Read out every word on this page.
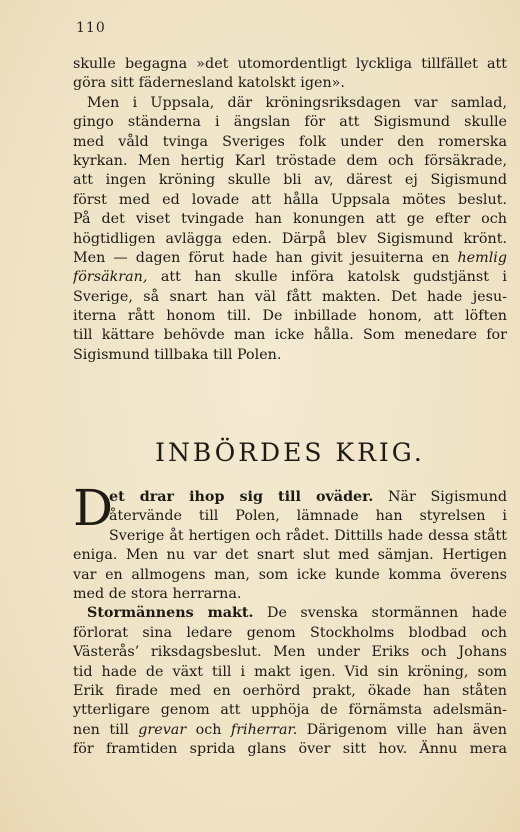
110
skulle begagna »det utomordentligt lyckliga tillfället att
göra sitt fädernesland katolskt igen».
Men i Uppsala, där kröningsriksdagen var samlad,
gingo ständerna i ängslan för att Sigismund skulle
med våld tvinga Sveriges folk under den romerska
kyrkan. Men hertig Karl tröstade dem och försäkrade,
att ingen kröning skulle bli av, därest ej Sigismund
först med ed lovade att hålla Uppsala mötes beslut.
På det viset tvingade han konungen att ge efter och
högtidligen avlägga eden. Därpå blev Sigismund krönt.
Men — dagen förut hade han givit jesuiterna en hemlig
försäkran, att han skulle införa katolsk gudstjänst i
Sverige, så snart han väl fått makten. Det hade jesu-
iterna rått honom till. De inbillade honom, att löften
till kättare behövde man icke hålla. Som menedare for
Sigismund tillbaka till Polen.
INBÖRDES KRIG.
D
et drar ihop sig till oväder. När Sigismund
återvände till Polen, lämnade han styrelsen i
Sverige åt hertigen och rådet. Dittills hade dessa stått
eniga. Men nu var det snart slut med sämjan. Hertigen
var en allmogens man, som icke kunde komma överens
med de stora herrarna.
Stormännens makt. De svenska stormännen hade
förlorat sina ledare genom Stockholms blodbad och
Västerås’ riksdagsbeslut. Men under Eriks och Johans
tid hade de växt till i makt igen. Vid sin kröning, som
Erik firade med en oerhörd prakt, ökade han ståten
ytterligare genom att upphöja de förnämsta adelsmän-
nen till grevar och friherrar. Därigenom ville han även
för framtiden sprida glans över sitt hov. Ännu mera
